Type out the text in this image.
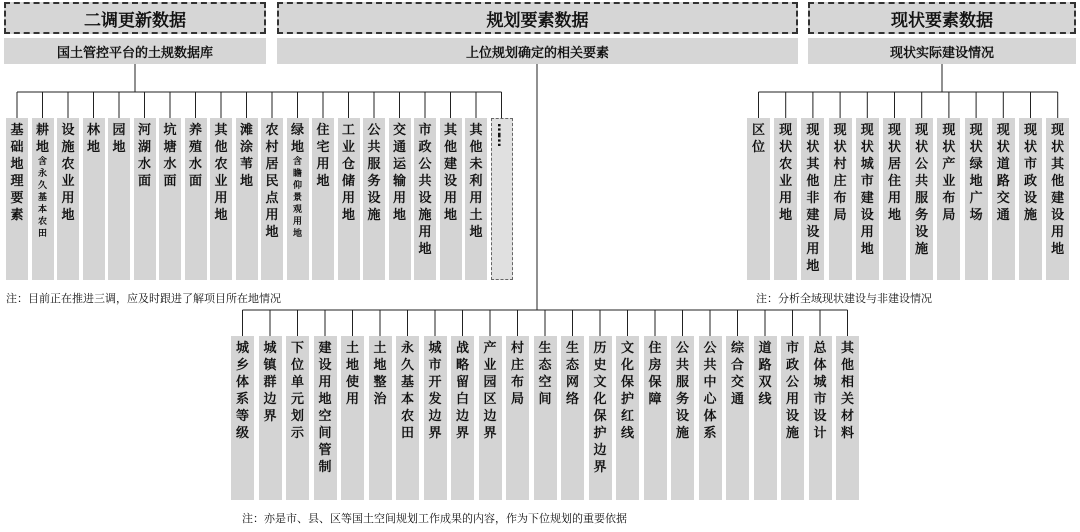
二调更新数据	规划要素数据	现状要素数据
国土管控平台的土规数据库	上位规划确定的相关要素	现状实际建设情况
基
础
地
理
要
素
耕
地
含
永
久
基
本
农
田
设
施
农
业
用
地
林
地
园
地
河
湖
水
面
坑
塘
水
面
养
殖
水
面
其
他
农
业
用
地
滩
涂
苇
地
农
村
居
民
点
用
地
绿
地
含
瞻
仰
景
观
用
地
住
宅
用
地
工
业
仓
储
用
地
公
共
服
务
设
施
交
通
运
输
用
地
市
政
公
共
设
施
用
地
其
他
建
设
用
地
其
他
未
利
用
土
地
……	区
位
现
状
农
业
用
地
现
状
其
他
非
建
设
用
地
现
状
村
庄
布
局
现
状
城
市
建
设
用
地
现
状
居
住
用
地
现
状
公
共
服
务
设
施
现
状
产
业
布
局
现
状
绿
地
广
场
现
状
道
路
交
通
现
状
市
政
设
施
现
状
其
他
建
设
用
地
城
乡
体
系
等
级
城
镇
群
边
界
下
位
单
元
划
示
建
设
用
地
空
间
管
制
土
地
使
用
土
地
整
治
永
久
基
本
农
田
城
市
开
发
边
界
战
略
留
白
边
界
产
业
园
区
边
界
村
庄
布
局
生
态
空
间
生
态
网
络
历
史
文
化
保
护
边
界
文
化
保
护
红
线
住
房
保
障
公
共
服
务
设
施
公
共
中
心
体
系
综
合
交
通
道
路
双
线
市
政
公
用
设
施
总
体
城
市
设
计
其
他
相
关
材
料
注：目前正在推进三调，应及时跟进了解项目所在地情况	注：分析全域现状建设与非建设情况
注：亦是市、县、区等国土空间规划工作成果的内容，作为下位规划的重要依据
